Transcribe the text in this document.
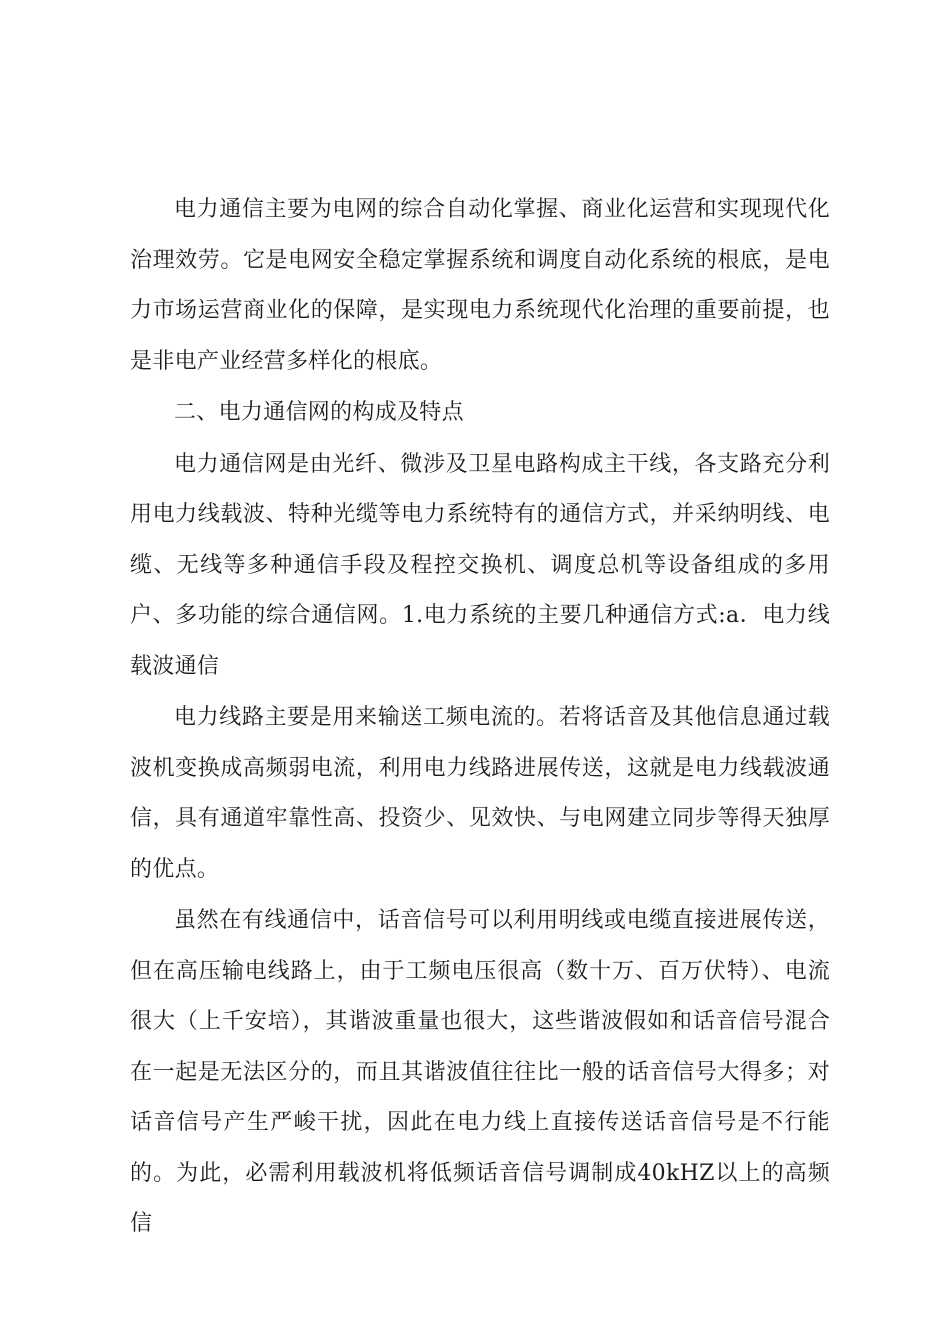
电力通信主要为电网的综合自动化掌握、商业化运营和实现现代化治理效劳。它是电网安全稳定掌握系统和调度自动化系统的根底，是电力市场运营商业化的保障，是实现电力系统现代化治理的重要前提，也是非电产业经营多样化的根底。

二、电力通信网的构成及特点

电力通信网是由光纤、微涉及卫星电路构成主干线，各支路充分利用电力线载波、特种光缆等电力系统特有的通信方式，并采纳明线、电缆、无线等多种通信手段及程控交换机、调度总机等设备组成的多用户、多功能的综合通信网。1.电力系统的主要几种通信方式:a．电力线载波通信

电力线路主要是用来输送工频电流的。若将话音及其他信息通过载波机变换成高频弱电流，利用电力线路进展传送，这就是电力线载波通信，具有通道牢靠性高、投资少、见效快、与电网建立同步等得天独厚的优点。

虽然在有线通信中，话音信号可以利用明线或电缆直接进展传送，但在高压输电线路上，由于工频电压很高（数十万、百万伏特）、电流很大（上千安培），其谐波重量也很大，这些谐波假如和话音信号混合在一起是无法区分的，而且其谐波值往往比一般的话音信号大得多；对话音信号产生严峻干扰，因此在电力线上直接传送话音信号是不行能的。为此，必需利用载波机将低频话音信号调制成40kHZ以上的高频信
